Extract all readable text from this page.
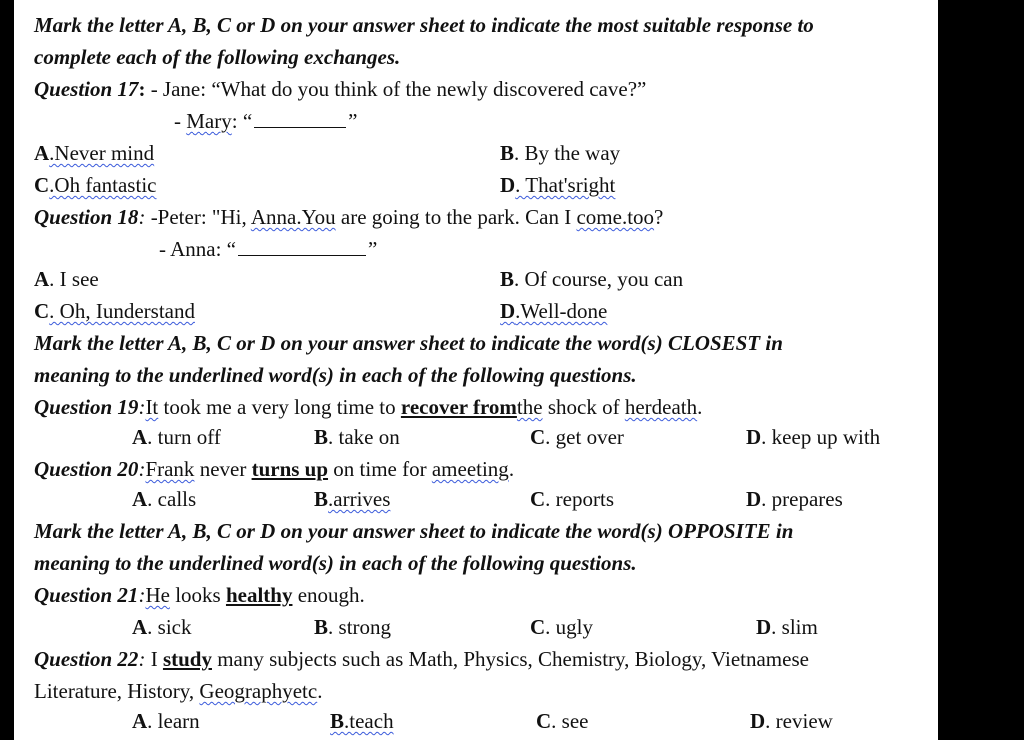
Mark the letter A, B, C or D on your answer sheet to indicate the most suitable response to
complete each of the following exchanges.
Question 17: - Jane: “What do you think of the newly discovered cave?”
- Mary: “	”
A.Never mind	B. By the way
C.Oh fantastic	D. That'sright
Question 18: -Peter: "Hi, Anna.You are going to the park. Can I come.too?
- Anna: “	”
A. I see	B. Of course, you can
C. Oh, Iunderstand	D.Well-done
Mark the letter A, B, C or D on your answer sheet to indicate the word(s) CLOSEST in
meaning to the underlined word(s) in each of the following questions.
Question 19:It took me a very long time to recover fromthe shock of herdeath.
A. turn off	B. take on	C. get over	D. keep up with
Question 20:Frank never turns up on time for ameeting.
A. calls	B.arrives	C. reports	D. prepares
Mark the letter A, B, C or D on your answer sheet to indicate the word(s) OPPOSITE in
meaning to the underlined word(s) in each of the following questions.
Question 21:He looks healthy enough.
A. sick	B. strong	C. ugly	D. slim
Question 22: I study many subjects such as Math, Physics, Chemistry, Biology, Vietnamese
Literature, History, Geographyetc.
A. learn	B.teach	C. see	D. review
